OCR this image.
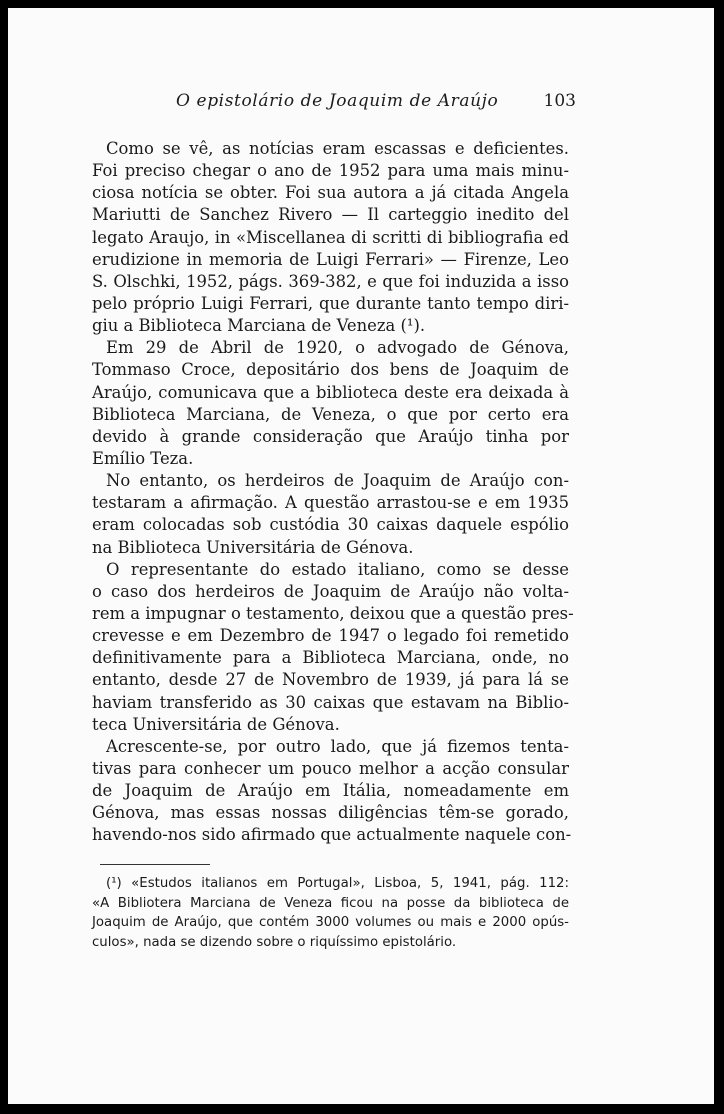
O epistolário de Joaquim de Araújo	103
Como se vê, as notícias eram escassas e deficientes.
Foi preciso chegar o ano de 1952 para uma mais minu-
ciosa notícia se obter. Foi sua autora a já citada Angela
Mariutti de Sanchez Rivero — Il carteggio inedito del
legato Araujo, in «Miscellanea di scritti di bibliografia ed
erudizione in memoria de Luigi Ferrari» — Firenze, Leo
S. Olschki, 1952, págs. 369-382, e que foi induzida a isso
pelo próprio Luigi Ferrari, que durante tanto tempo diri-
giu a Biblioteca Marciana de Veneza (¹).
Em 29 de Abril de 1920, o advogado de Génova,
Tommaso Croce, depositário dos bens de Joaquim de
Araújo, comunicava que a biblioteca deste era deixada à
Biblioteca Marciana, de Veneza, o que por certo era
devido à grande consideração que Araújo tinha por
Emílio Teza.
No entanto, os herdeiros de Joaquim de Araújo con-
testaram a afirmação. A questão arrastou-se e em 1935
eram colocadas sob custódia 30 caixas daquele espólio
na Biblioteca Universitária de Génova.
O representante do estado italiano, como se desse
o caso dos herdeiros de Joaquim de Araújo não volta-
rem a impugnar o testamento, deixou que a questão pres-
crevesse e em Dezembro de 1947 o legado foi remetido
definitivamente para a Biblioteca Marciana, onde, no
entanto, desde 27 de Novembro de 1939, já para lá se
haviam transferido as 30 caixas que estavam na Biblio-
teca Universitária de Génova.
Acrescente-se, por outro lado, que já fizemos tenta-
tivas para conhecer um pouco melhor a acção consular
de Joaquim de Araújo em Itália, nomeadamente em
Génova, mas essas nossas diligências têm-se gorado,
havendo-nos sido afirmado que actualmente naquele con-
(¹) «Estudos italianos em Portugal», Lisboa, 5, 1941, pág. 112:
«A Bibliotera Marciana de Veneza ficou na posse da biblioteca de
Joaquim de Araújo, que contém 3000 volumes ou mais e 2000 opús-
culos», nada se dizendo sobre o riquíssimo epistolário.
